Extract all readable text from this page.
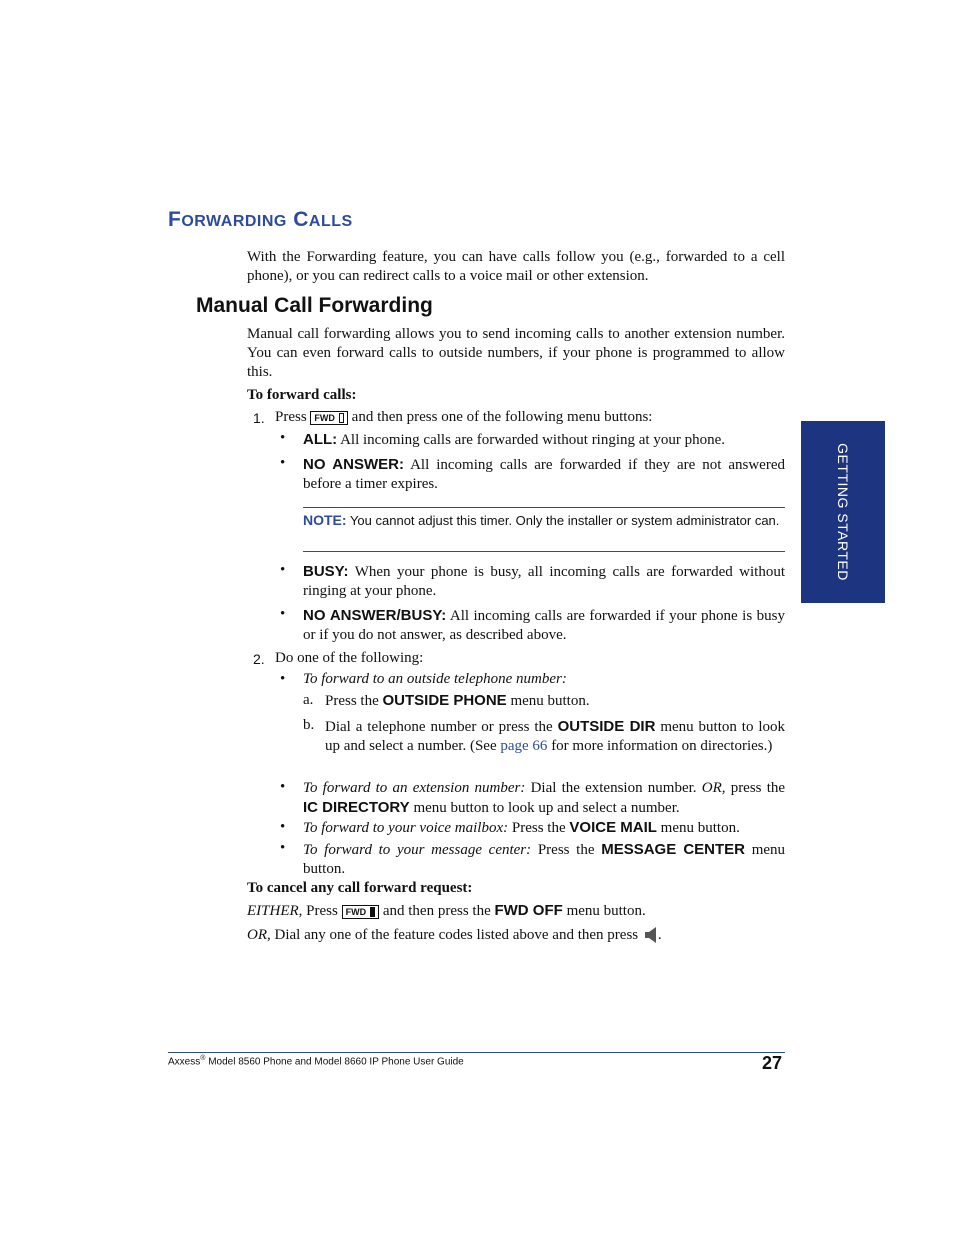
FORWARDING CALLS
With the Forwarding feature, you can have calls follow you (e.g., forwarded to a cell phone), or you can redirect calls to a voice mail or other extension.
Manual Call Forwarding
Manual call forwarding allows you to send incoming calls to another extension number. You can even forward calls to outside numbers, if your phone is programmed to allow this.
To forward calls:
1. Press FWD and then press one of the following menu buttons:
• ALL: All incoming calls are forwarded without ringing at your phone.
• NO ANSWER: All incoming calls are forwarded if they are not answered before a timer expires.
NOTE: You cannot adjust this timer. Only the installer or system administrator can.
• BUSY: When your phone is busy, all incoming calls are forwarded without ringing at your phone.
• NO ANSWER/BUSY: All incoming calls are forwarded if your phone is busy or if you do not answer, as described above.
2. Do one of the following:
• To forward to an outside telephone number:
a. Press the OUTSIDE PHONE menu button.
b. Dial a telephone number or press the OUTSIDE DIR menu button to look up and select a number. (See page 66 for more information on directories.)
• To forward to an extension number: Dial the extension number. OR, press the IC DIRECTORY menu button to look up and select a number.
• To forward to your voice mailbox: Press the VOICE MAIL menu button.
• To forward to your message center: Press the MESSAGE CENTER menu button.
To cancel any call forward request:
EITHER, Press FWD and then press the FWD OFF menu button.
OR, Dial any one of the feature codes listed above and then press .
GETTING STARTED
Axxess® Model 8560 Phone and Model 8660 IP Phone User Guide	27
